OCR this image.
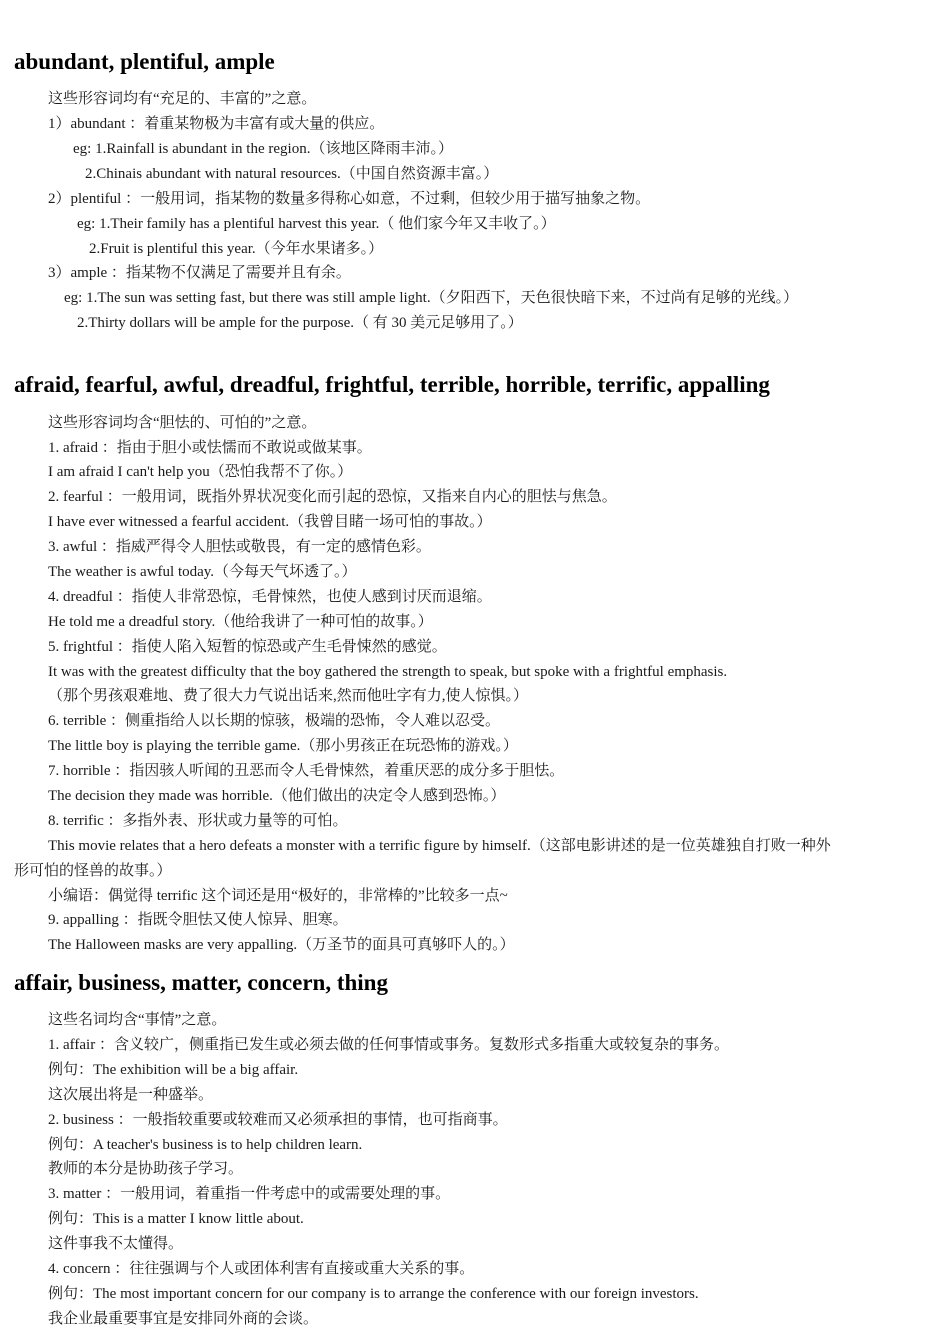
abundant, plentiful, ample
这些形容词均有“充足的、丰富的”之意。
1）abundant ：着重某物极为丰富有或大量的供应。
eg: 1.Rainfall is abundant in the region.（该地区降雨丰沛。）
2.Chinais abundant with natural resources.（中国自然资源丰富。）
2）plentiful ：一般用词，指某物的数量多得称心如意，不过剩，但较少用于描写抽象之物。
eg: 1.Their family has a plentiful harvest this year.（ 他们家今年又丰收了。）
2.Fruit is plentiful this year.（今年水果诸多。）
3）ample ：指某物不仅满足了需要并且有余。
eg: 1.The sun was setting fast, but there was still ample light.（夕阳西下，天色很快暗下来，不过尚有足够的光线。）
2.Thirty dollars will be ample for the purpose.（ 有 30 美元足够用了。）
afraid, fearful, awful, dreadful, frightful, terrible, horrible, terrific, appalling
这些形容词均含“胆怯的、可怕的”之意。
1. afraid ：指由于胆小或怯懦而不敢说或做某事。
I am afraid I can't help you（恐怕我帮不了你。）
2. fearful ：一般用词，既指外界状况变化而引起的恐惊，又指来自内心的胆怯与焦急。
I have ever witnessed a fearful accident.（我曾目睹一场可怕的事故。）
3. awful ：指威严得令人胆怯或敬畏，有一定的感情色彩。
The weather is awful today.（今每天气坏透了。）
4. dreadful ：指使人非常恐惊，毛骨悚然，也使人感到讨厌而退缩。
He told me a dreadful story.（他给我讲了一种可怕的故事。）
5. frightful ：指使人陷入短暂的惊恐或产生毛骨悚然的感觉。
It was with the greatest difficulty that the boy gathered the strength to speak, but spoke with a frightful emphasis.
（那个男孩艰难地、费了很大力气说出话来,然而他吐字有力,使人惊惧。）
6. terrible ：侧重指给人以长期的惊骇，极端的恐怖，令人难以忍受。
The little boy is playing the terrible game.（那小男孩正在玩恐怖的游戏。）
7. horrible ：指因骇人听闻的丑恶而令人毛骨悚然，着重厌恶的成分多于胆怯。
The decision they made was horrible.（他们做出的决定令人感到恐怖。）
8. terrific ：多指外表、形状或力量等的可怕。
This movie relates that a hero defeats a monster with a terrific figure by himself.（这部电影讲述的是一位英雄独自打败一种外
形可怕的怪兽的故事。）
小编语：偶觉得 terrific 这个词还是用“极好的，非常棒的”比较多一点~
9. appalling ：指既令胆怯又使人惊异、胆寒。
The Halloween masks are very appalling.（万圣节的面具可真够吓人的。）
affair, business, matter, concern, thing
这些名词均含“事情”之意。
1. affair ：含义较广，侧重指已发生或必须去做的任何事情或事务。复数形式多指重大或较复杂的事务。
例句：The exhibition will be a big affair.
这次展出将是一种盛举。
2. business ：一般指较重要或较难而又必须承担的事情，也可指商事。
例句：A teacher's business is to help children learn.
教师的本分是协助孩子学习。
3. matter ：一般用词，着重指一件考虑中的或需要处理的事。
例句：This is a matter I know little about.
这件事我不太懂得。
4. concern ：往往强调与个人或团体利害有直接或重大关系的事。
例句：The most important concern for our company is to arrange the conference with our foreign investors.
我企业最重要事宜是安排同外商的会谈。
